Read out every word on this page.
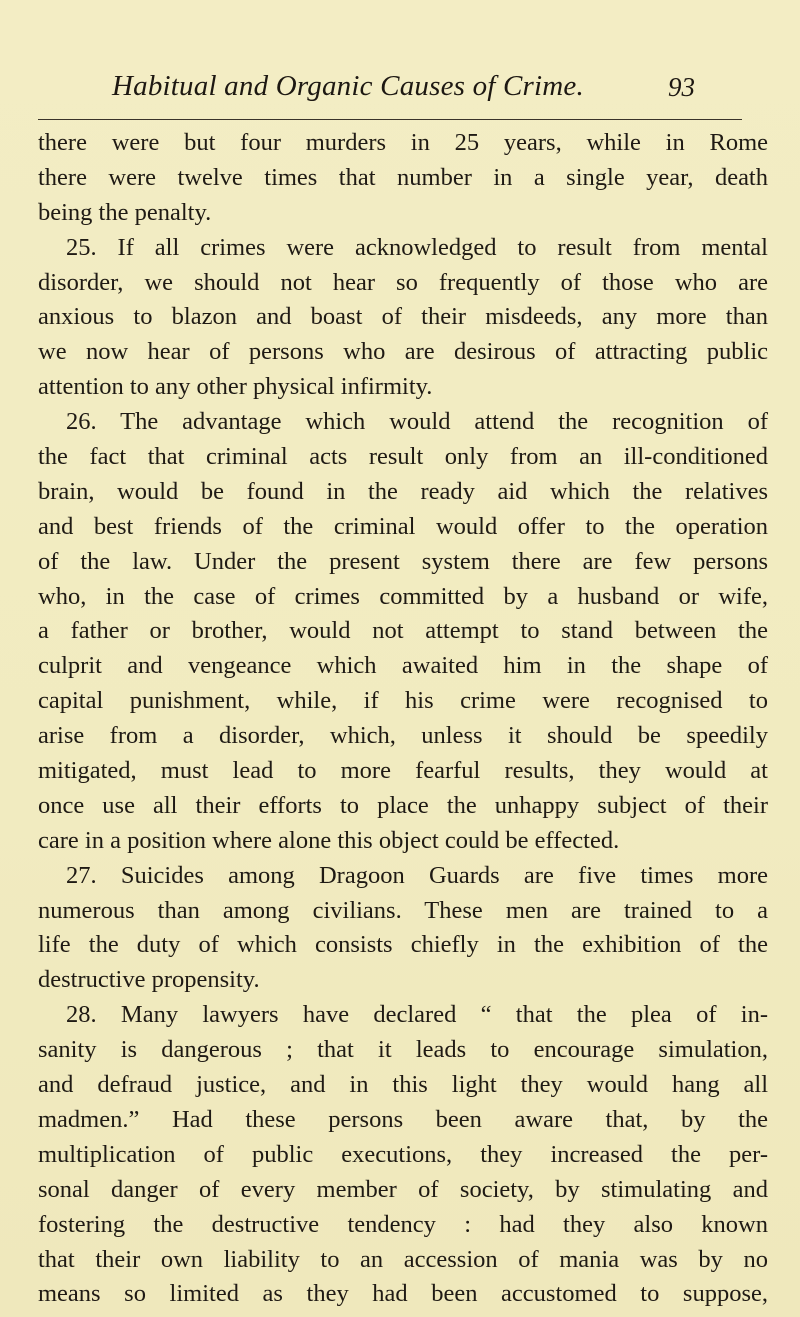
Habitual and Organic Causes of Crime.	93
there were but four murders in 25 years, while in Rome
there were twelve times that number in a single year, death
being the penalty.
25. If all crimes were acknowledged to result from mental
disorder, we should not hear so frequently of those who are
anxious to blazon and boast of their misdeeds, any more than
we now hear of persons who are desirous of attracting public
attention to any other physical infirmity.
26. The advantage which would attend the recognition of
the fact that criminal acts result only from an ill-conditioned
brain, would be found in the ready aid which the relatives
and best friends of the criminal would offer to the operation
of the law. Under the present system there are few persons
who, in the case of crimes committed by a husband or wife,
a father or brother, would not attempt to stand between the
culprit and vengeance which awaited him in the shape of
capital punishment, while, if his crime were recognised to
arise from a disorder, which, unless it should be speedily
mitigated, must lead to more fearful results, they would at
once use all their efforts to place the unhappy subject of their
care in a position where alone this object could be effected.
27. Suicides among Dragoon Guards are five times more
numerous than among civilians. These men are trained to a
life the duty of which consists chiefly in the exhibition of the
destructive propensity.
28. Many lawyers have declared “ that the plea of in-
sanity is dangerous ; that it leads to encourage simulation,
and defraud justice, and in this light they would hang all
madmen.” Had these persons been aware that, by the
multiplication of public executions, they increased the per-
sonal danger of every member of society, by stimulating and
fostering the destructive tendency : had they also known
that their own liability to an accession of mania was by no
means so limited as they had been accustomed to suppose,
